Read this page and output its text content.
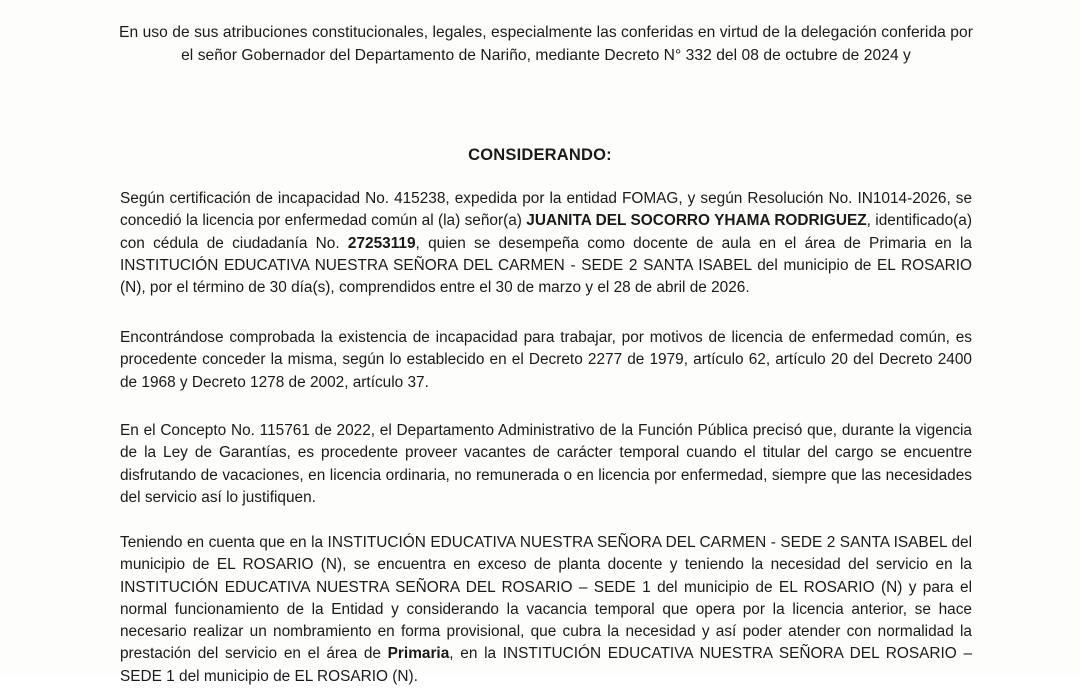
En uso de sus atribuciones constitucionales, legales, especialmente las conferidas en virtud de la delegación conferida por el señor Gobernador del Departamento de Nariño, mediante Decreto N° 332 del 08 de octubre de 2024 y
CONSIDERANDO:
Según certificación de incapacidad No. 415238, expedida por la entidad FOMAG, y según Resolución No. IN1014-2026, se concedió la licencia por enfermedad común al (la) señor(a) JUANITA DEL SOCORRO YHAMA RODRIGUEZ, identificado(a) con cédula de ciudadanía No. 27253119, quien se desempeña como docente de aula en el área de Primaria en la INSTITUCIÓN EDUCATIVA NUESTRA SEÑORA DEL CARMEN - SEDE 2 SANTA ISABEL del municipio de EL ROSARIO (N), por el término de 30 día(s), comprendidos entre el 30 de marzo y el 28 de abril de 2026.
Encontrándose comprobada la existencia de incapacidad para trabajar, por motivos de licencia de enfermedad común, es procedente conceder la misma, según lo establecido en el Decreto 2277 de 1979, artículo 62, artículo 20 del Decreto 2400 de 1968 y Decreto 1278 de 2002, artículo 37.
En el Concepto No. 115761 de 2022, el Departamento Administrativo de la Función Pública precisó que, durante la vigencia de la Ley de Garantías, es procedente proveer vacantes de carácter temporal cuando el titular del cargo se encuentre disfrutando de vacaciones, en licencia ordinaria, no remunerada o en licencia por enfermedad, siempre que las necesidades del servicio así lo justifiquen.
Teniendo en cuenta que en la INSTITUCIÓN EDUCATIVA NUESTRA SEÑORA DEL CARMEN - SEDE 2 SANTA ISABEL del municipio de EL ROSARIO (N), se encuentra en exceso de planta docente y teniendo la necesidad del servicio en la INSTITUCIÓN EDUCATIVA NUESTRA SEÑORA DEL ROSARIO – SEDE 1 del municipio de EL ROSARIO (N) y para el normal funcionamiento de la Entidad y considerando la vacancia temporal que opera por la licencia anterior, se hace necesario realizar un nombramiento en forma provisional, que cubra la necesidad y así poder atender con normalidad la prestación del servicio en el área de Primaria, en la INSTITUCIÓN EDUCATIVA NUESTRA SEÑORA DEL ROSARIO – SEDE 1 del municipio de EL ROSARIO (N).
